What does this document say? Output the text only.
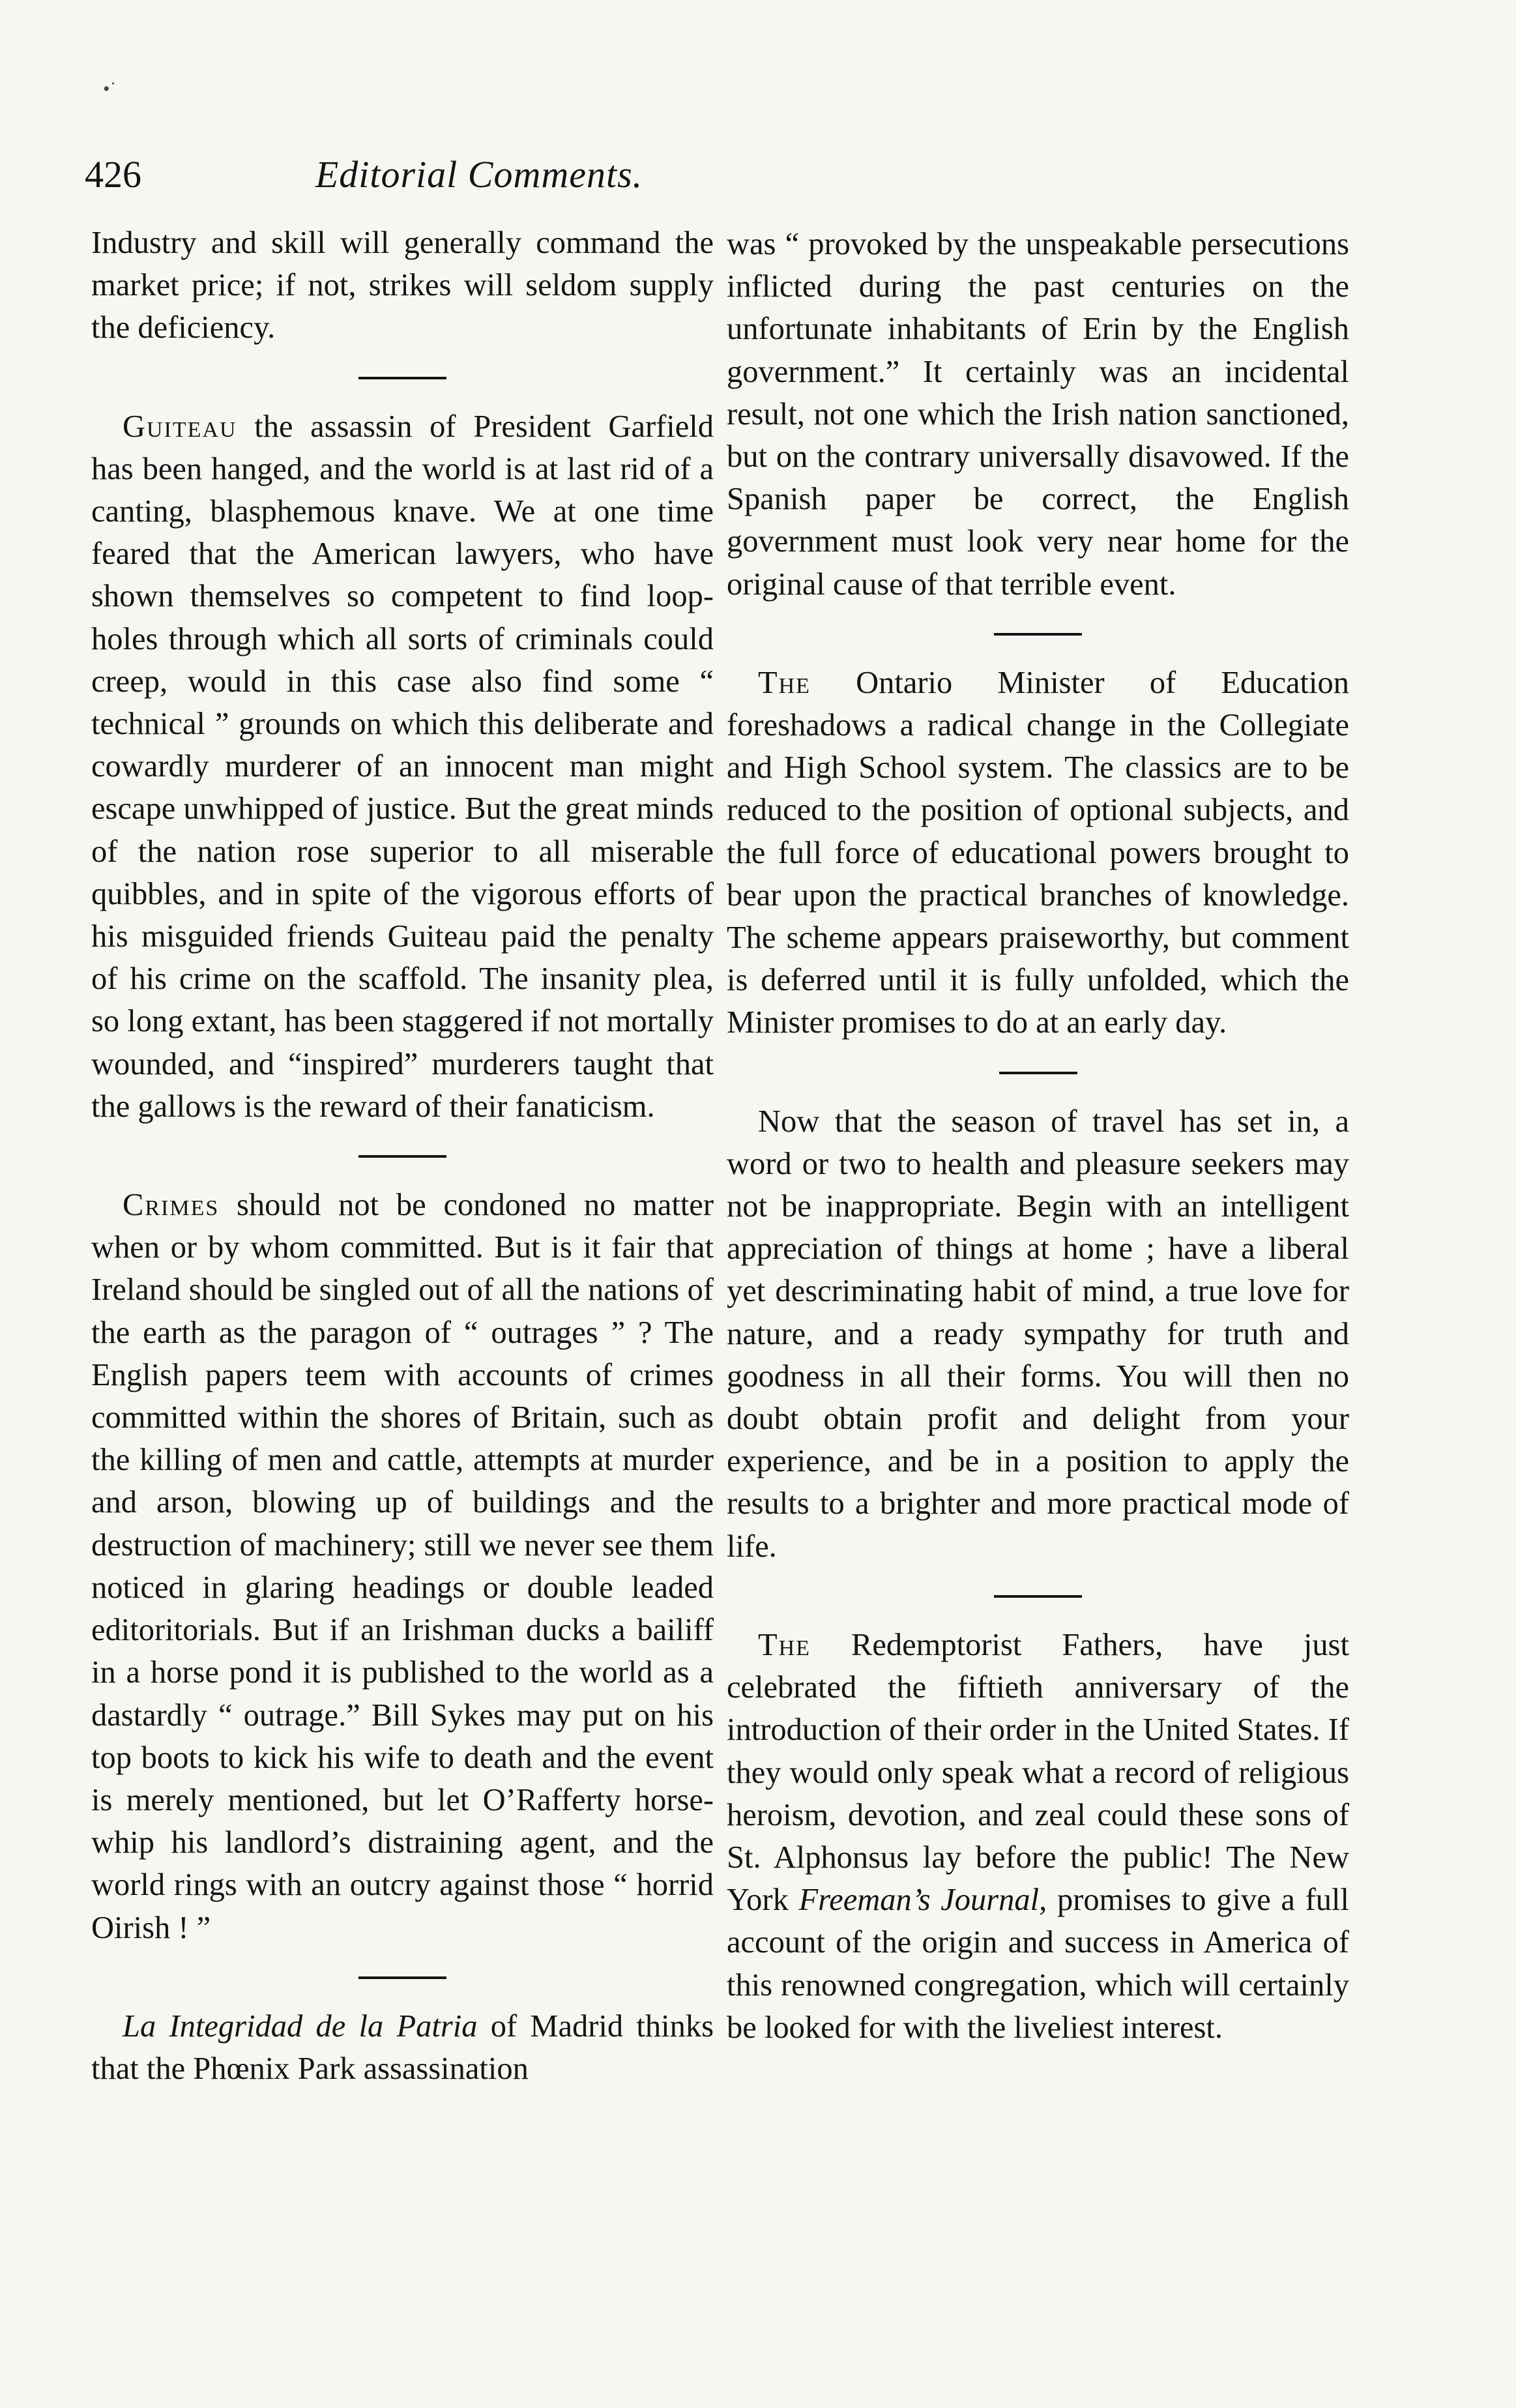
•˙
426	Editorial Comments.

Industry and skill will generally command the market price; if not, strikes will seldom supply the deficiency.

Guiteau the assassin of President Garfield has been hanged, and the world is at last rid of a canting, blasphemous knave. We at one time feared that the American lawyers, who have shown themselves so competent to find loop-holes through which all sorts of criminals could creep, would in this case also find some “ technical ” grounds on which this deliberate and cowardly murderer of an innocent man might escape unwhipped of justice. But the great minds of the nation rose superior to all miserable quibbles, and in spite of the vigorous efforts of his misguided friends Guiteau paid the penalty of his crime on the scaffold. The insanity plea, so long extant, has been staggered if not mortally wounded, and “inspired” murderers taught that the gallows is the reward of their fanaticism.

Crimes should not be condoned no matter when or by whom committed. But is it fair that Ireland should be singled out of all the nations of the earth as the paragon of “ outrages ” ? The English papers teem with accounts of crimes committed within the shores of Britain, such as the killing of men and cattle, attempts at murder and arson, blowing up of buildings and the destruction of machinery; still we never see them noticed in glaring headings or double leaded editoritorials. But if an Irishman ducks a bailiff in a horse pond it is published to the world as a dastardly “ outrage.” Bill Sykes may put on his top boots to kick his wife to death and the event is merely mentioned, but let O’Rafferty horse-whip his landlord’s distraining agent, and the world rings with an outcry against those “ horrid Oirish ! ”

La Integridad de la Patria of Madrid thinks that the Phœnix Park assassination

was “ provoked by the unspeakable persecutions inflicted during the past centuries on the unfortunate inhabitants of Erin by the English government.” It certainly was an incidental result, not one which the Irish nation sanctioned, but on the contrary universally disavowed. If the Spanish paper be correct, the English government must look very near home for the original cause of that terrible event.

The Ontario Minister of Education foreshadows a radical change in the Collegiate and High School system. The classics are to be reduced to the position of optional subjects, and the full force of educational powers brought to bear upon the practical branches of knowledge. The scheme appears praiseworthy, but comment is deferred until it is fully unfolded, which the Minister promises to do at an early day.

Now that the season of travel has set in, a word or two to health and pleasure seekers may not be inappropriate. Begin with an intelligent appreciation of things at home ; have a liberal yet descriminating habit of mind, a true love for nature, and a ready sympathy for truth and goodness in all their forms. You will then no doubt obtain profit and delight from your experience, and be in a position to apply the results to a brighter and more practical mode of life.

The Redemptorist Fathers, have just celebrated the fiftieth anniversary of the introduction of their order in the United States. If they would only speak what a record of religious heroism, devotion, and zeal could these sons of St. Alphonsus lay before the public! The New York Freeman’s Journal, promises to give a full account of the origin and success in America of this renowned congregation, which will certainly be looked for with the liveliest interest.
